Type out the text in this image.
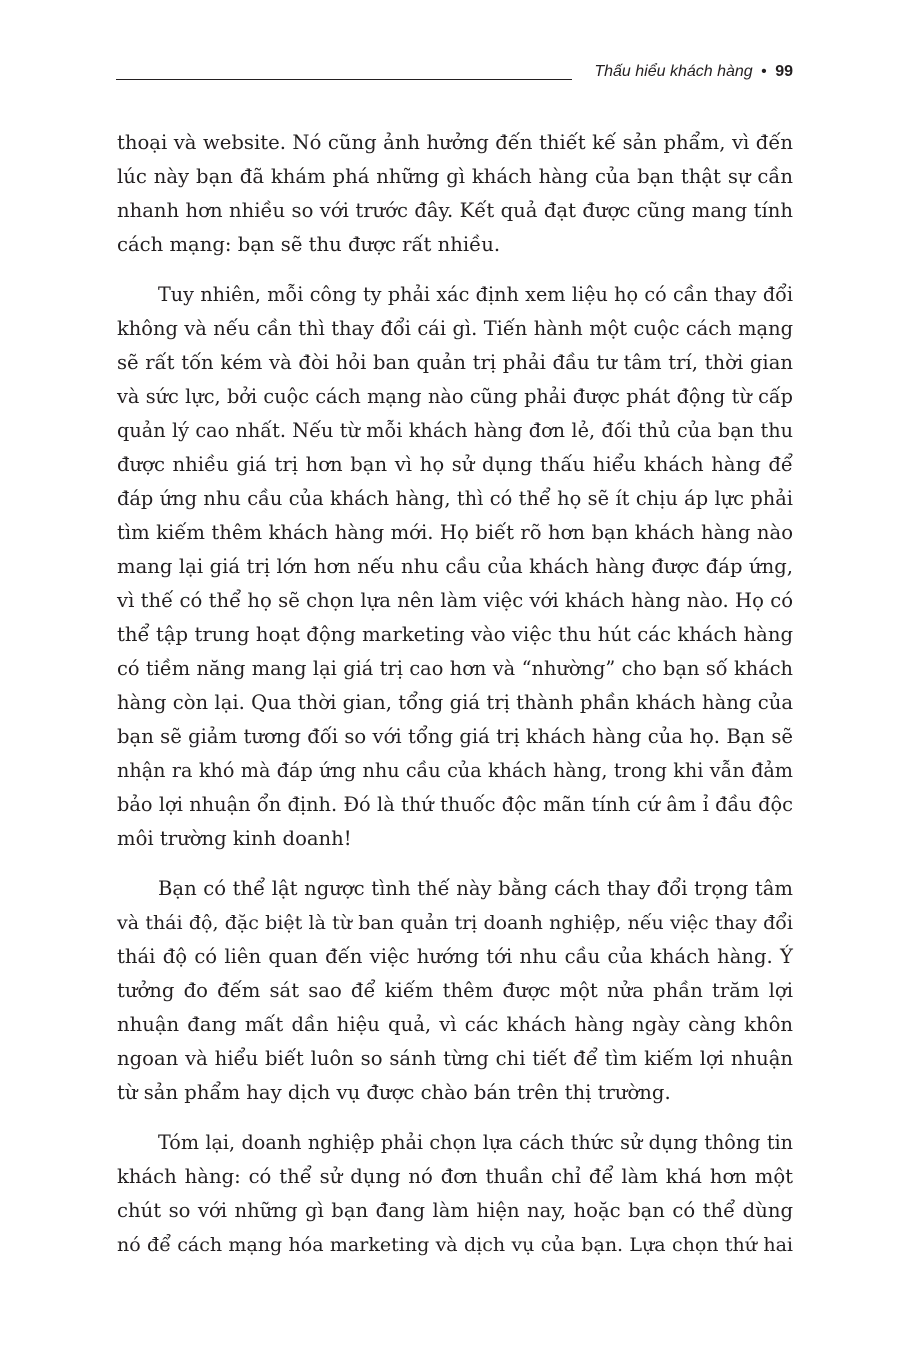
Thấu hiểu khách hàng • 99
thoại và website. Nó cũng ảnh hưởng đến thiết kế sản phẩm, vì đến
lúc này bạn đã khám phá những gì khách hàng của bạn thật sự cần
nhanh hơn nhiều so với trước đây. Kết quả đạt được cũng mang tính
cách mạng: bạn sẽ thu được rất nhiều.
Tuy nhiên, mỗi công ty phải xác định xem liệu họ có cần thay đổi
không và nếu cần thì thay đổi cái gì. Tiến hành một cuộc cách mạng
sẽ rất tốn kém và đòi hỏi ban quản trị phải đầu tư tâm trí, thời gian
và sức lực, bởi cuộc cách mạng nào cũng phải được phát động từ cấp
quản lý cao nhất. Nếu từ mỗi khách hàng đơn lẻ, đối thủ của bạn thu
được nhiều giá trị hơn bạn vì họ sử dụng thấu hiểu khách hàng để
đáp ứng nhu cầu của khách hàng, thì có thể họ sẽ ít chịu áp lực phải
tìm kiếm thêm khách hàng mới. Họ biết rõ hơn bạn khách hàng nào
mang lại giá trị lớn hơn nếu nhu cầu của khách hàng được đáp ứng,
vì thế có thể họ sẽ chọn lựa nên làm việc với khách hàng nào. Họ có
thể tập trung hoạt động marketing vào việc thu hút các khách hàng
có tiềm năng mang lại giá trị cao hơn và “nhường” cho bạn số khách
hàng còn lại. Qua thời gian, tổng giá trị thành phần khách hàng của
bạn sẽ giảm tương đối so với tổng giá trị khách hàng của họ. Bạn sẽ
nhận ra khó mà đáp ứng nhu cầu của khách hàng, trong khi vẫn đảm
bảo lợi nhuận ổn định. Đó là thứ thuốc độc mãn tính cứ âm ỉ đầu độc
môi trường kinh doanh!
Bạn có thể lật ngược tình thế này bằng cách thay đổi trọng tâm
và thái độ, đặc biệt là từ ban quản trị doanh nghiệp, nếu việc thay đổi
thái độ có liên quan đến việc hướng tới nhu cầu của khách hàng. Ý
tưởng đo đếm sát sao để kiếm thêm được một nửa phần trăm lợi
nhuận đang mất dần hiệu quả, vì các khách hàng ngày càng khôn
ngoan và hiểu biết luôn so sánh từng chi tiết để tìm kiếm lợi nhuận
từ sản phẩm hay dịch vụ được chào bán trên thị trường.
Tóm lại, doanh nghiệp phải chọn lựa cách thức sử dụng thông tin
khách hàng: có thể sử dụng nó đơn thuần chỉ để làm khá hơn một
chút so với những gì bạn đang làm hiện nay, hoặc bạn có thể dùng
nó để cách mạng hóa marketing và dịch vụ của bạn. Lựa chọn thứ hai
